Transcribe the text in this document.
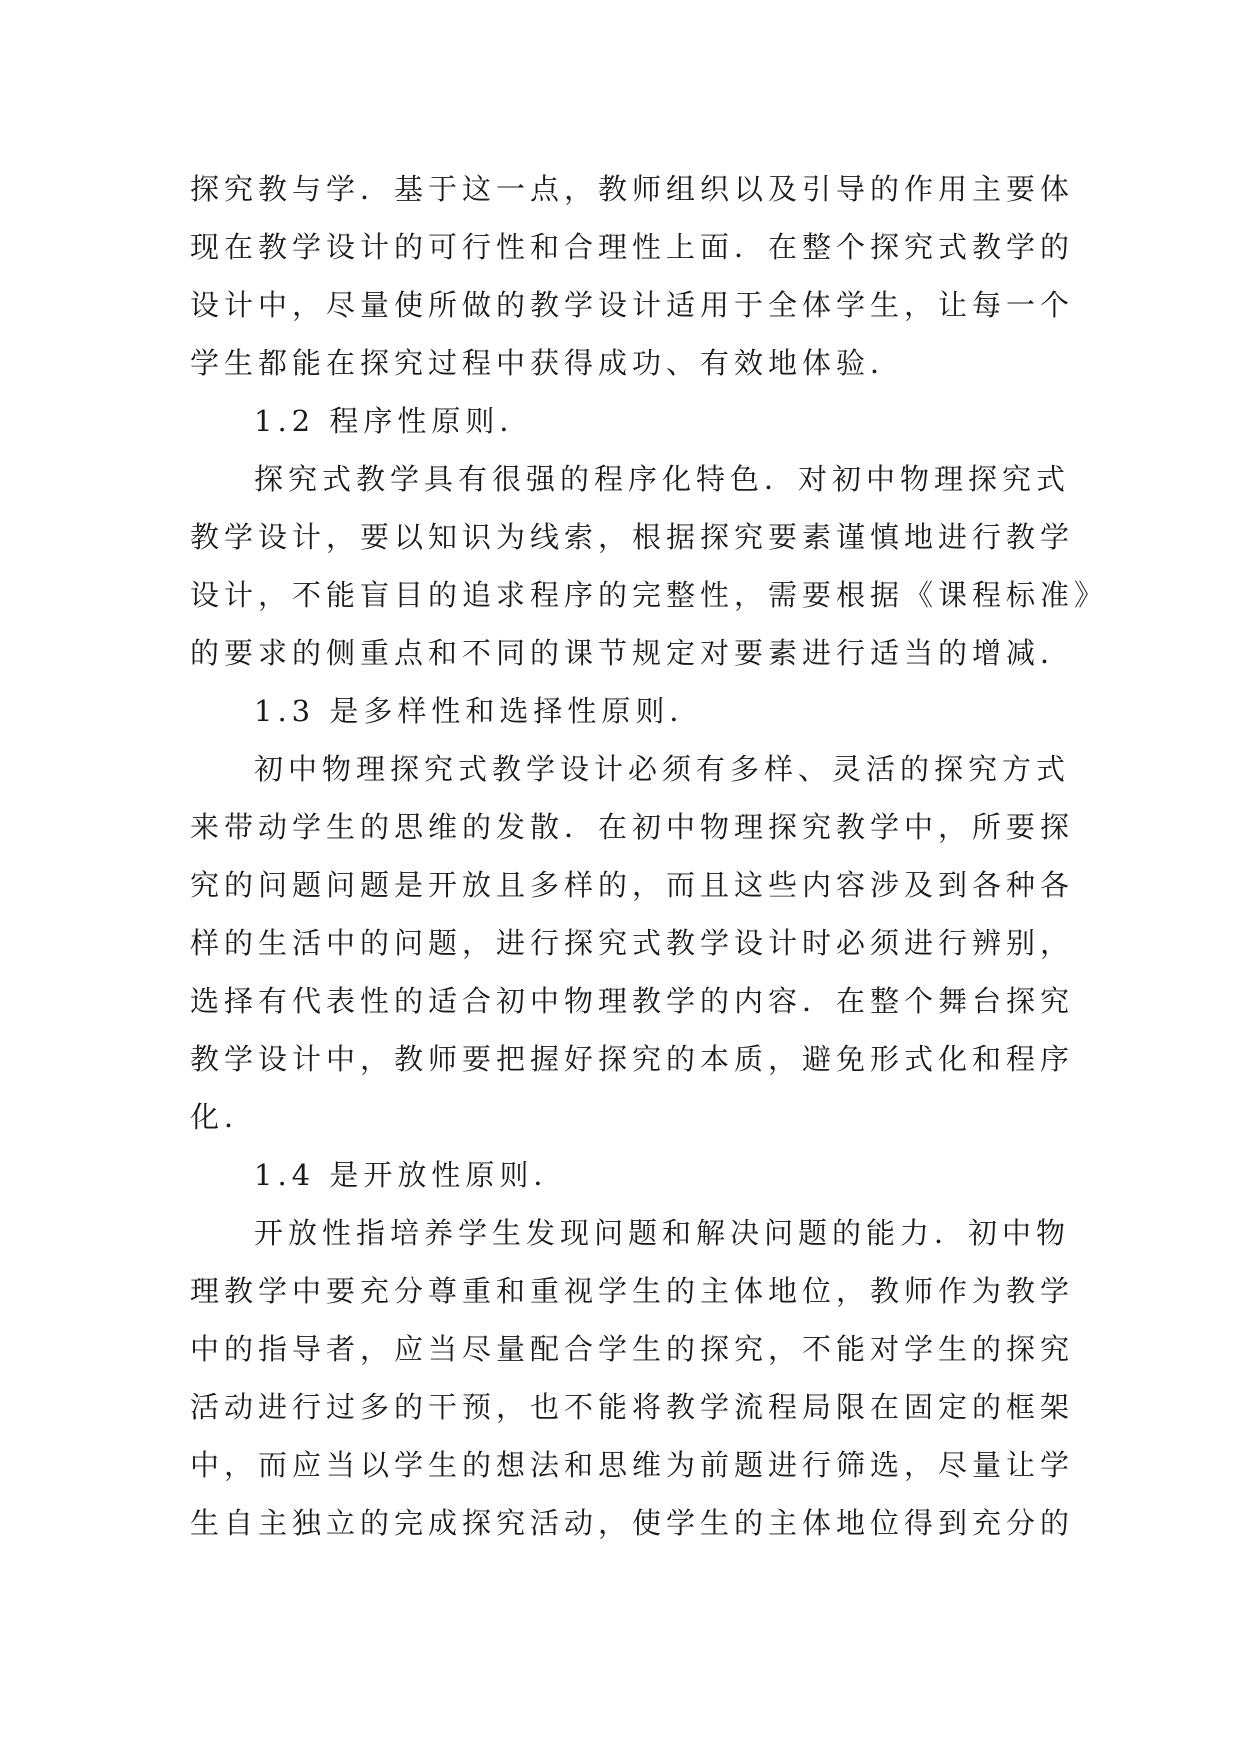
探究教与学．基于这一点，教师组织以及引导的作用主要体
现在教学设计的可行性和合理性上面．在整个探究式教学的
设计中，尽量使所做的教学设计适用于全体学生，让每一个
学生都能在探究过程中获得成功、有效地体验．
1.2 程序性原则．
探究式教学具有很强的程序化特色．对初中物理探究式
教学设计，要以知识为线索，根据探究要素谨慎地进行教学
设计，不能盲目的追求程序的完整性，需要根据《课程标准》
的要求的侧重点和不同的课节规定对要素进行适当的增减．
1.3 是多样性和选择性原则．
初中物理探究式教学设计必须有多样、灵活的探究方式
来带动学生的思维的发散．在初中物理探究教学中，所要探
究的问题问题是开放且多样的，而且这些内容涉及到各种各
样的生活中的问题，进行探究式教学设计时必须进行辨别，
选择有代表性的适合初中物理教学的内容．在整个舞台探究
教学设计中，教师要把握好探究的本质，避免形式化和程序
化．
1.4 是开放性原则．
开放性指培养学生发现问题和解决问题的能力．初中物
理教学中要充分尊重和重视学生的主体地位，教师作为教学
中的指导者，应当尽量配合学生的探究，不能对学生的探究
活动进行过多的干预，也不能将教学流程局限在固定的框架
中，而应当以学生的想法和思维为前题进行筛选，尽量让学
生自主独立的完成探究活动，使学生的主体地位得到充分的
